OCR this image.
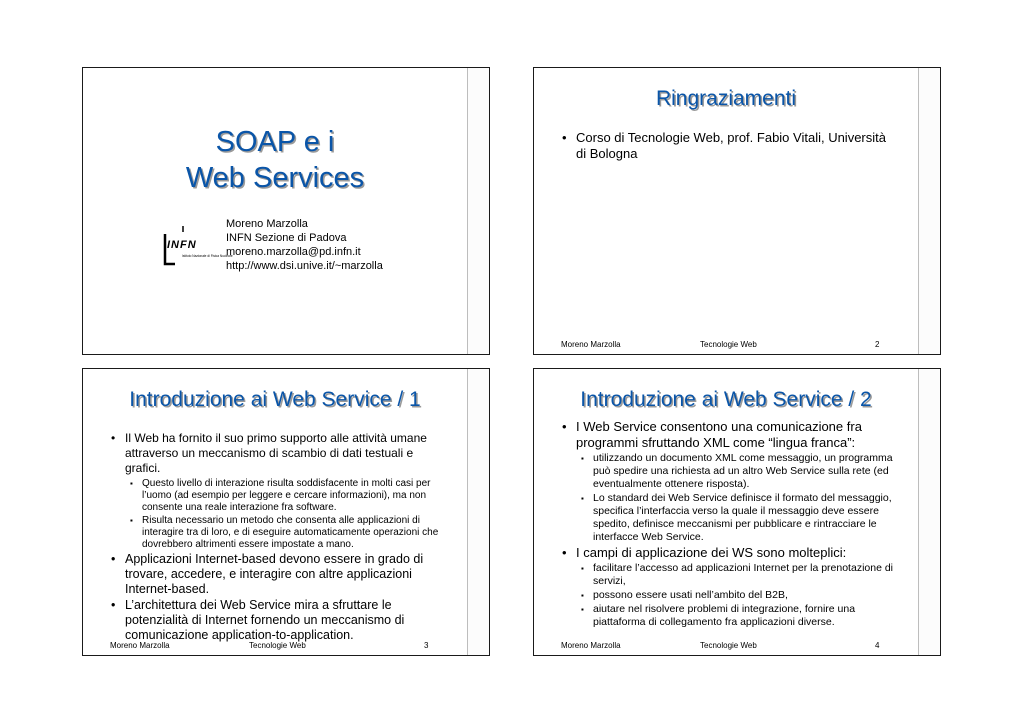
SOAP e i
Web Services
INFN
Istituto Nazionale di Fisica Nucleare
Moreno Marzolla
INFN Sezione di Padova
moreno.marzolla@pd.infn.it
http://www.dsi.unive.it/~marzolla
Ringraziamenti
• Corso di Tecnologie Web, prof. Fabio Vitali, Università di Bologna
Moreno Marzolla	Tecnologie Web	2
Introduzione ai Web Service / 1
• Il Web ha fornito il suo primo supporto alle attività umane attraverso un meccanismo di scambio di dati testuali e grafici.
▪ Questo livello di interazione risulta soddisfacente in molti casi per l’uomo (ad esempio per leggere e cercare informazioni), ma non consente una reale interazione fra software.
▪ Risulta necessario un metodo che consenta alle applicazioni di interagire tra di loro, e di eseguire automaticamente operazioni che dovrebbero altrimenti essere impostate a mano.
• Applicazioni Internet-based devono essere in grado di trovare, accedere, e interagire con altre applicazioni Internet-based.
• L’architettura dei Web Service mira a sfruttare le potenzialità di Internet fornendo un meccanismo di comunicazione application-to-application.
Moreno Marzolla	Tecnologie Web	3
Introduzione ai Web Service / 2
• I Web Service consentono una comunicazione fra programmi sfruttando XML come “lingua franca”:
▪ utilizzando un documento XML come messaggio, un programma può spedire una richiesta ad un altro Web Service sulla rete (ed eventualmente ottenere risposta).
▪ Lo standard dei Web Service definisce il formato del messaggio, specifica l’interfaccia verso la quale il messaggio deve essere spedito, definisce meccanismi per pubblicare e rintracciare le interfacce Web Service.
• I campi di applicazione dei WS sono molteplici:
▪ facilitare l’accesso ad applicazioni Internet per la prenotazione di servizi,
▪ possono essere usati nell’ambito del B2B,
▪ aiutare nel risolvere problemi di integrazione, fornire una piattaforma di collegamento fra applicazioni diverse.
Moreno Marzolla	Tecnologie Web	4
